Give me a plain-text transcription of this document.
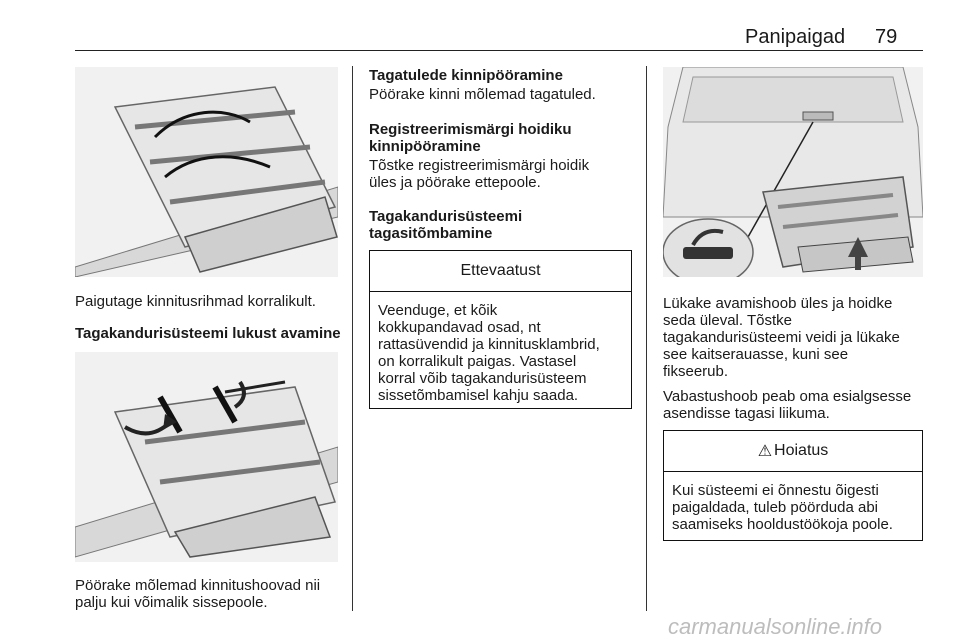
Panipaigad 79
Paigutage kinnitusrihmad korralikult.
Tagakandurisüsteemi lukust avamine
Pöörake mõlemad kinnitushoovad nii
palju kui võimalik sissepoole.
Tagatulede kinnipööramine
Pöörake kinni mõlemad tagatuled.
Registreerimismärgi hoidiku
kinnipööramine
Tõstke registreerimismärgi hoidik
üles ja pöörake ettepoole.
Tagakandurisüsteemi
tagasitõmbamine
Ettevaatust
Veenduge, et kõik
kokkupandavad osad, nt
rattasüvendid ja kinnitusklambrid,
on korralikult paigas. Vastasel
korral võib tagakandurisüsteem
sissetõmbamisel kahju saada.
Lükake avamishoob üles ja hoidke
seda üleval. Tõstke
tagakandurisüsteemi veidi ja lükake
see kaitserauasse, kuni see
fikseerub.
Vabastushoob peab oma esialgsesse
asendisse tagasi liikuma.
⚠ Hoiatus
Kui süsteemi ei õnnestu õigesti
paigaldada, tuleb pöörduda abi
saamiseks hooldustöökoja poole.
carmanualsonline.info
